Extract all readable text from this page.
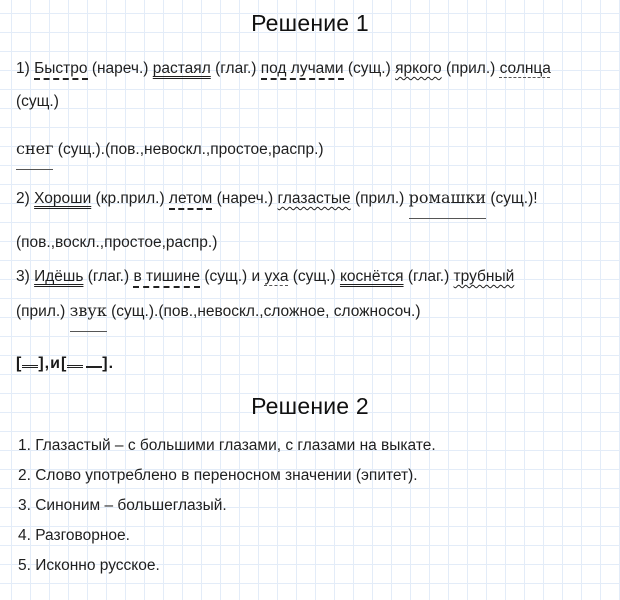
Решение 1
1) Быстро (нареч.) растаял (глаг.) под лучами (сущ.) яркого (прил.) солнца
(сущ.)
снег (сущ.).(пов.,невоскл.,простое,распр.)
2) Хороши (кр.прил.) летом (нареч.) глазастые (прил.) ромашки (сущ.)!
(пов.,воскл.,простое,распр.)
3) Идёшь (глаг.) в тишине (сущ.) и уха (сущ.) коснётся (глаг.) трубный
(прил.) звук (сущ.).(пов.,невоскл.,сложное, сложносоч.)
[ ],и[ ].
Решение 2
1. Глазастый – с большими глазами, с глазами на выкате.
2. Слово употреблено в переносном значении (эпитет).
3. Синоним – большеглазый.
4. Разговорное.
5. Исконно русское.
